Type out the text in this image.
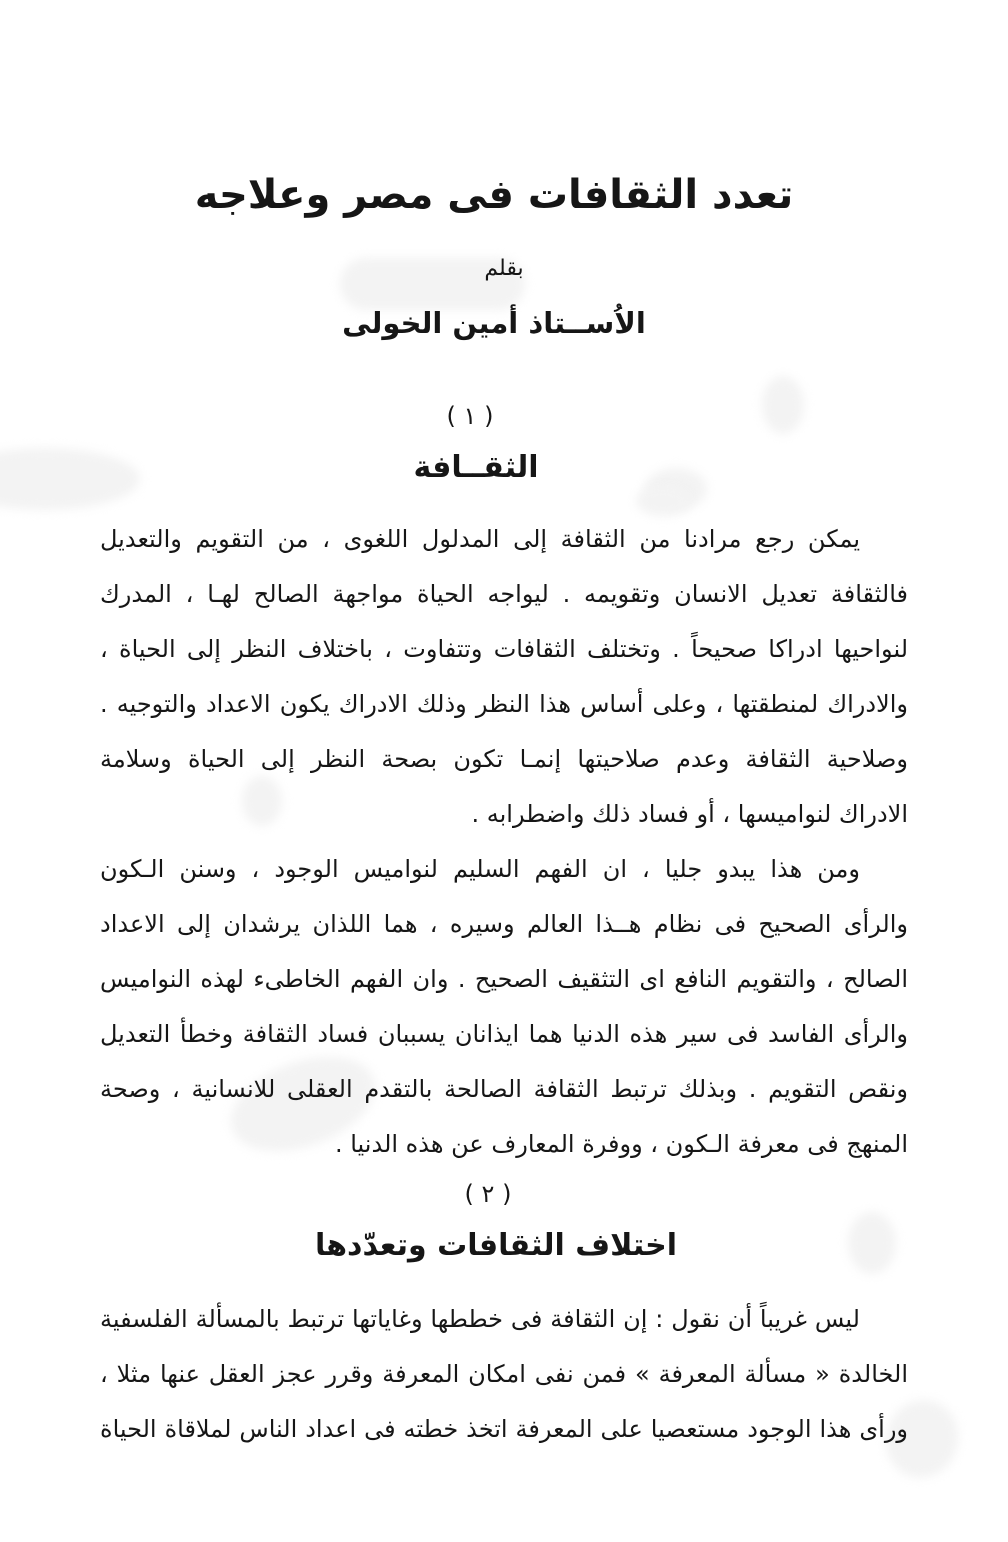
تعدد الثقافات فى مصر وعلاجه
بقلم
الاُســتاذ أمين الخولى
( ١ )
الثقــافة
يمكن رجع مرادنا من الثقافة إلى المدلول اللغوى ، من التقويم والتعديل
فالثقافة تعديل الانسان وتقويمه . ليواجه الحياة مواجهة الصالح لهـا ، المدرك
لنواحيها ادراكا صحيحاً . وتختلف الثقافات وتتفاوت ، باختلاف النظر إلى الحياة ،
والادراك لمنطقتها ، وعلى أساس هذا النظر وذلك الادراك يكون الاعداد والتوجيه .
وصلاحية الثقافة وعدم صلاحيتها إنمـا تكون بصحة النظر إلى الحياة وسلامة
الادراك لنواميسها ، أو فساد ذلك واضطرابه .
ومن هذا يبدو جليا ، ان الفهم السليم لنواميس الوجود ، وسنن الـكون
والرأى الصحيح فى نظام هــذا العالم وسيره ، هما اللذان يرشدان إلى الاعداد
الصالح ، والتقويم النافع اى التثقيف الصحيح . وان الفهم الخاطىء لهذه النواميس
والرأى الفاسد فى سير هذه الدنيا هما ايذانان يسببان فساد الثقافة وخطأ التعديل
ونقص التقويم . وبذلك ترتبط الثقافة الصالحة بالتقدم العقلى للانسانية ، وصحة
المنهج فى معرفة الـكون ، ووفرة المعارف عن هذه الدنيا .
( ٢ )
اختلاف الثقافات وتعدّدها
ليس غريباً أن نقول : إن الثقافة فى خططها وغاياتها ترتبط بالمسألة الفلسفية
الخالدة « مسألة المعرفة » فمن نفى امكان المعرفة وقرر عجز العقل عنها مثلا ،
ورأى هذا الوجود مستعصيا على المعرفة اتخذ خطته فى اعداد الناس لملاقاة الحياة
